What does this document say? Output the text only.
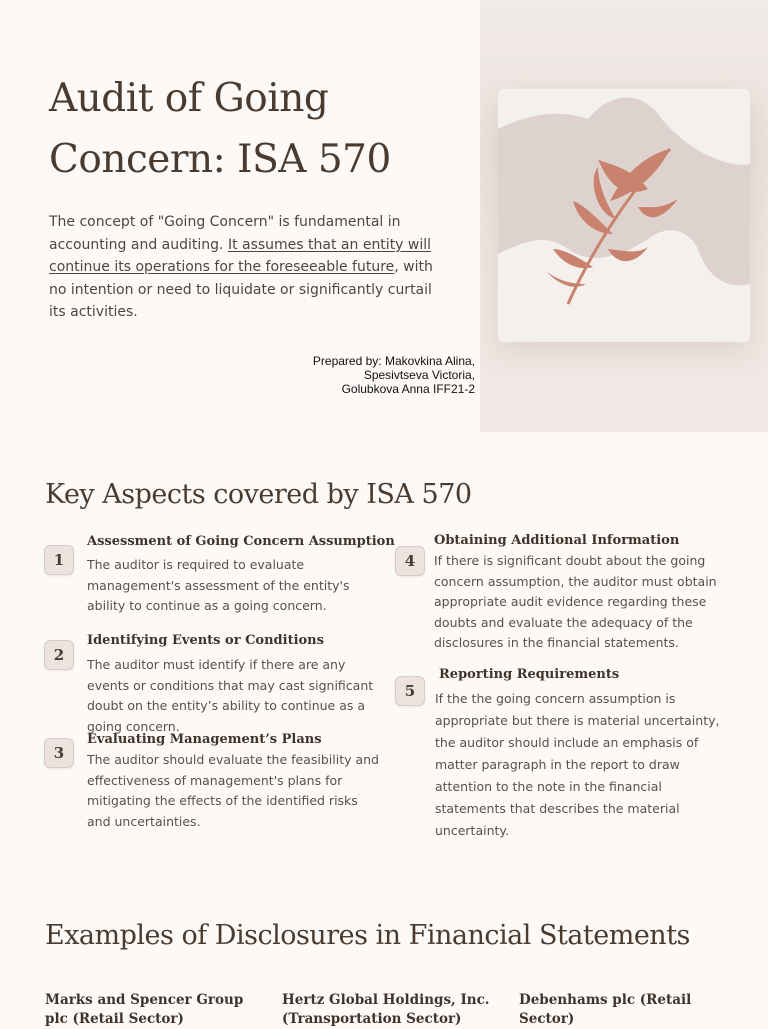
Audit of Going
Concern: ISA 570

The concept of "Going Concern" is fundamental in accounting and auditing. It assumes that an entity will continue its operations for the foreseeable future, with no intention or need to liquidate or significantly curtail its activities.

Prepared by: Makovkina Alina,
Spesivtseva Victoria,
Golubkova Anna IFF21-2
Key Aspects covered by ISA 570
1

Assessment of Going Concern Assumption

The auditor is required to evaluate management's assessment of the entity's ability to continue as a going concern.

2

Identifying Events or Conditions

The auditor must identify if there are any events or conditions that may cast significant doubt on the entity’s ability to continue as a going concern.

3

Evaluating Management’s Plans

The auditor should evaluate the feasibility and effectiveness of management's plans for mitigating the effects of the identified risks and uncertainties.

4

Obtaining Additional Information

If there is significant doubt about the going concern assumption, the auditor must obtain appropriate audit evidence regarding these doubts and evaluate the adequacy of the disclosures in the financial statements.

5

Reporting Requirements

If the the going concern assumption is appropriate but there is material uncertainty, the auditor should include an emphasis of matter paragraph in the report to draw attention to the note in the financial statements that describes the material uncertainty.

Examples of Disclosures in Financial Statements

Marks and Spencer Group plc (Retail Sector)

Hertz Global Holdings, Inc. (Transportation Sector)

Debenhams plc (Retail Sector)
